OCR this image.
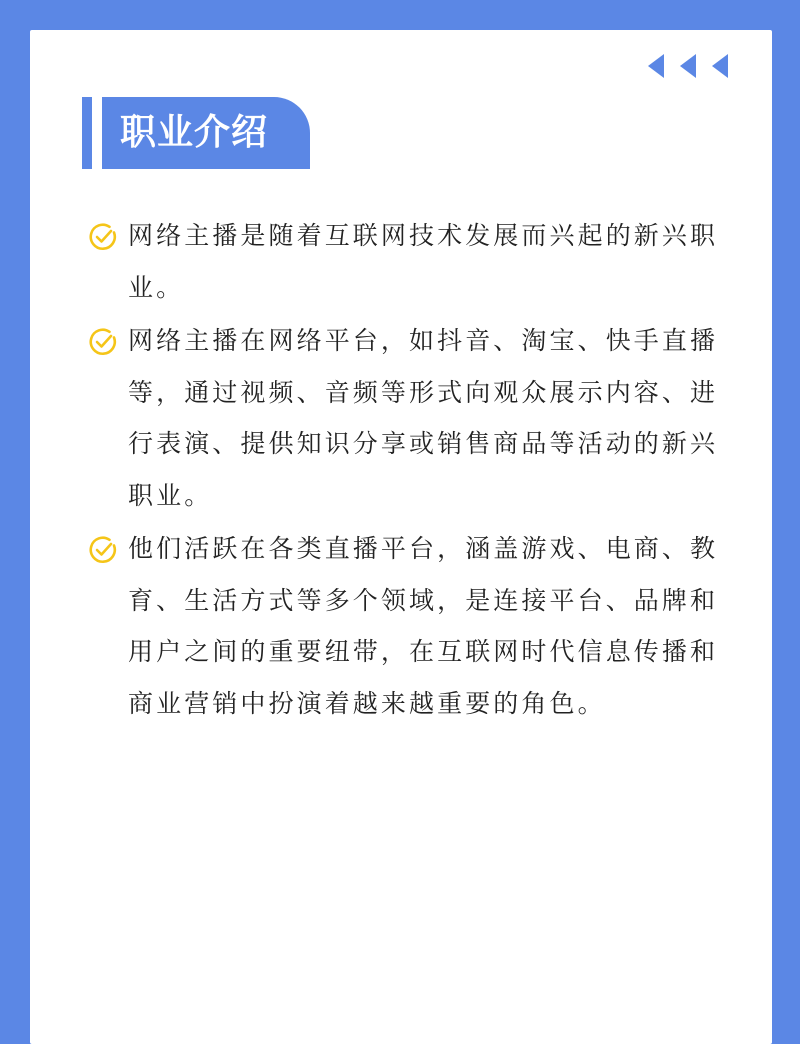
职业介绍
网络主播是随着互联网技术发展而兴起的新兴职业。
网络主播在网络平台，如抖音、淘宝、快手直播等，通过视频、音频等形式向观众展示内容、进行表演、提供知识分享或销售商品等活动的新兴职业。
他们活跃在各类直播平台，涵盖游戏、电商、教育、生活方式等多个领域，是连接平台、品牌和用户之间的重要纽带，在互联网时代信息传播和商业营销中扮演着越来越重要的角色。
